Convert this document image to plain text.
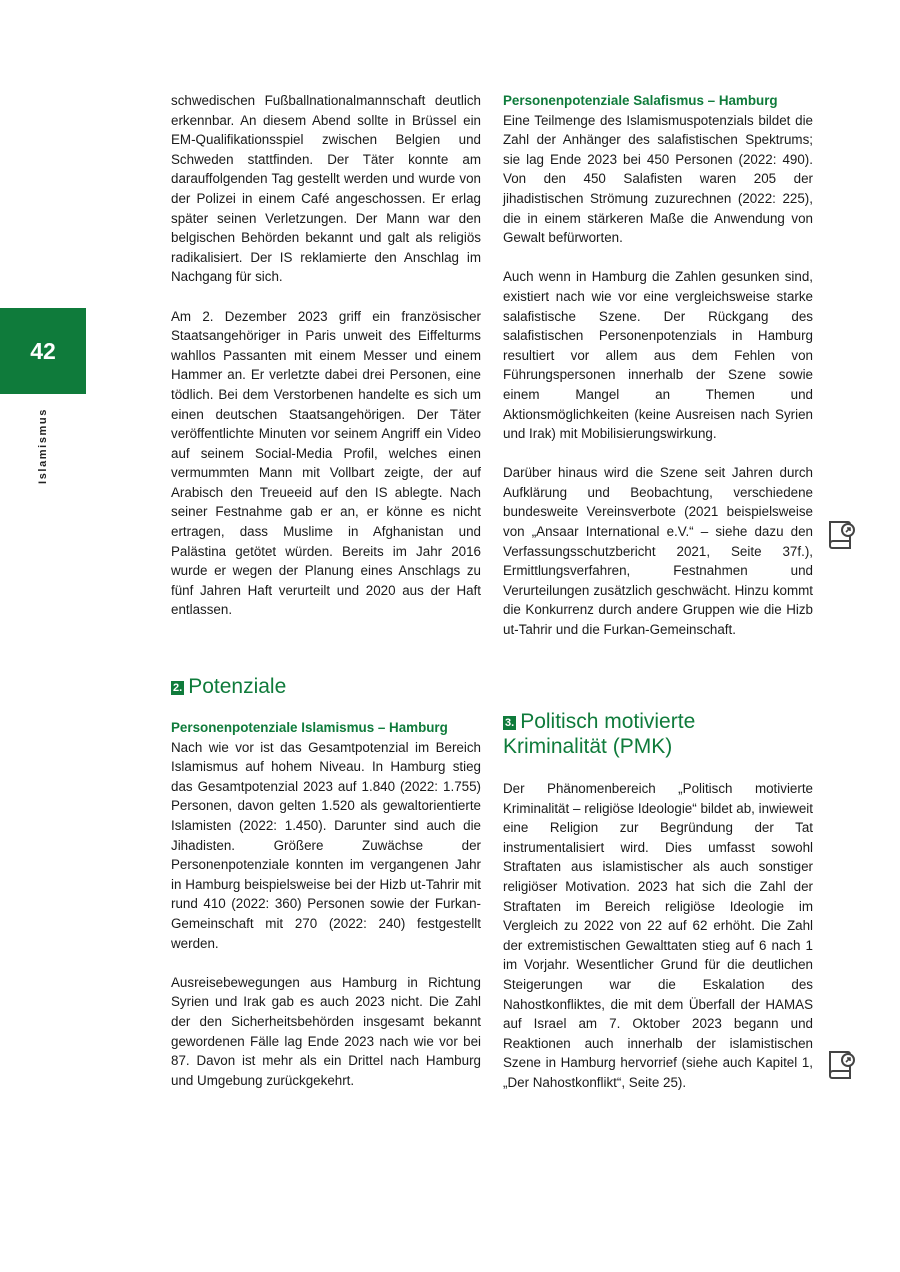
42
Islamismus

schwedischen Fußballnationalmannschaft deutlich erkennbar. An diesem Abend sollte in Brüssel ein EM-Qualifikationsspiel zwischen Belgien und Schweden stattfinden. Der Täter konnte am darauffolgenden Tag gestellt werden und wurde von der Polizei in einem Café angeschossen. Er erlag später seinen Verletzungen. Der Mann war den belgischen Behörden bekannt und galt als religiös radikalisiert. Der IS reklamierte den Anschlag im Nachgang für sich.

Am 2. Dezember 2023 griff ein französischer Staatsangehöriger in Paris unweit des Eiffelturms wahllos Passanten mit einem Messer und einem Hammer an. Er verletzte dabei drei Personen, eine tödlich. Bei dem Verstorbenen handelte es sich um einen deutschen Staatsangehörigen. Der Täter veröffentlichte Minuten vor seinem Angriff ein Video auf seinem Social-Media Profil, welches einen vermummten Mann mit Vollbart zeigte, der auf Arabisch den Treueeid auf den IS ablegte. Nach seiner Festnahme gab er an, er könne es nicht ertragen, dass Muslime in Afghanistan und Palästina getötet würden. Bereits im Jahr 2016 wurde er wegen der Planung eines Anschlags zu fünf Jahren Haft verurteilt und 2020 aus der Haft entlassen.

2. Potenziale
Personenpotenziale Islamismus – Hamburg

Nach wie vor ist das Gesamtpotenzial im Bereich Islamismus auf hohem Niveau. In Hamburg stieg das Gesamtpotenzial 2023 auf 1.840 (2022: 1.755) Personen, davon gelten 1.520 als gewaltorientierte Islamisten (2022: 1.450). Darunter sind auch die Jihadisten. Größere Zuwächse der Personenpotenziale konnten im vergangenen Jahr in Hamburg beispielsweise bei der Hizb ut-Tahrir mit rund 410 (2022: 360) Personen sowie der Furkan-Gemeinschaft mit 270 (2022: 240) festgestellt werden.

Ausreisebewegungen aus Hamburg in Richtung Syrien und Irak gab es auch 2023 nicht. Die Zahl der den Sicherheitsbehörden insgesamt bekannt gewordenen Fälle lag Ende 2023 nach wie vor bei 87. Davon ist mehr als ein Drittel nach Hamburg und Umgebung zurückgekehrt.

Personenpotenziale Salafismus – Hamburg

Eine Teilmenge des Islamismuspotenzials bildet die Zahl der Anhänger des salafistischen Spektrums; sie lag Ende 2023 bei 450 Personen (2022: 490). Von den 450 Salafisten waren 205 der jihadistischen Strömung zuzurechnen (2022: 225), die in einem stärkeren Maße die Anwendung von Gewalt befürworten.

Auch wenn in Hamburg die Zahlen gesunken sind, existiert nach wie vor eine vergleichsweise starke salafistische Szene. Der Rückgang des salafistischen Personenpotenzials in Hamburg resultiert vor allem aus dem Fehlen von Führungspersonen innerhalb der Szene sowie einem Mangel an Themen und Aktionsmöglichkeiten (keine Ausreisen nach Syrien und Irak) mit Mobilisierungswirkung.

Darüber hinaus wird die Szene seit Jahren durch Aufklärung und Beobachtung, verschiedene bundesweite Vereinsverbote (2021 beispielsweise von „Ansaar International e.V.“ – siehe dazu den Verfassungsschutzbericht 2021, Seite 37f.), Ermittlungsverfahren, Festnahmen und Verurteilungen zusätzlich geschwächt. Hinzu kommt die Konkurrenz durch andere Gruppen wie die Hizb ut-Tahrir und die Furkan-Gemeinschaft.

3. Politisch motivierte
Kriminalität (PMK)

Der Phänomenbereich „Politisch motivierte Kriminalität – religiöse Ideologie“ bildet ab, inwieweit eine Religion zur Begründung der Tat instrumentalisiert wird. Dies umfasst sowohl Straftaten aus islamistischer als auch sonstiger religiöser Motivation. 2023 hat sich die Zahl der Straftaten im Bereich religiöse Ideologie im Vergleich zu 2022 von 22 auf 62 erhöht. Die Zahl der extremistischen Gewalttaten stieg auf 6 nach 1 im Vorjahr. Wesentlicher Grund für die deutlichen Steigerungen war die Eskalation des Nahostkonfliktes, die mit dem Überfall der HAMAS auf Israel am 7. Oktober 2023 begann und Reaktionen auch innerhalb der islamistischen Szene in Hamburg hervorrief (siehe auch Kapitel 1, „Der Nahostkonflikt“, Seite 25).
